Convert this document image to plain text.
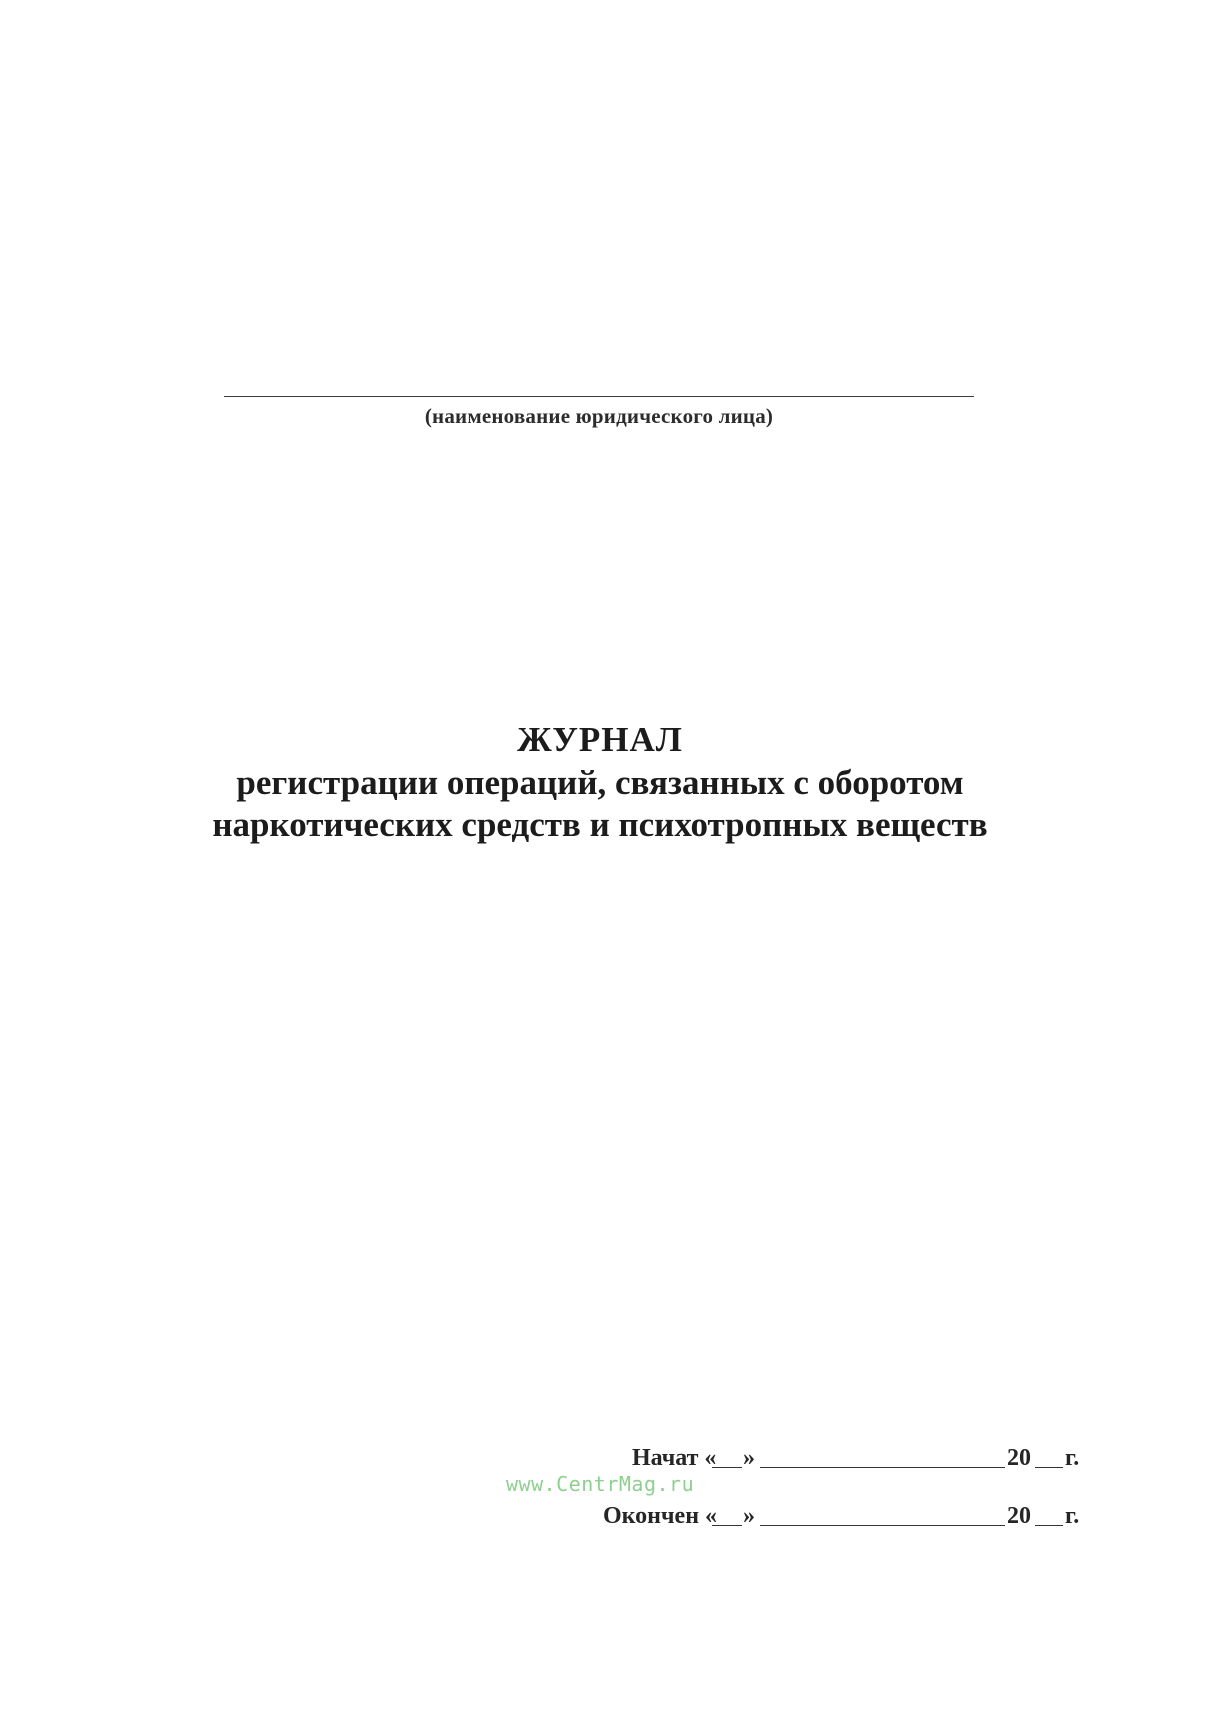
(наименование юридического лица)
ЖУРНАЛ
регистрации операций, связанных с оборотом
наркотических средств и психотропных веществ
Начат « »	20 г.
www.CentrMag.ru
Окончен « »	20 г.
